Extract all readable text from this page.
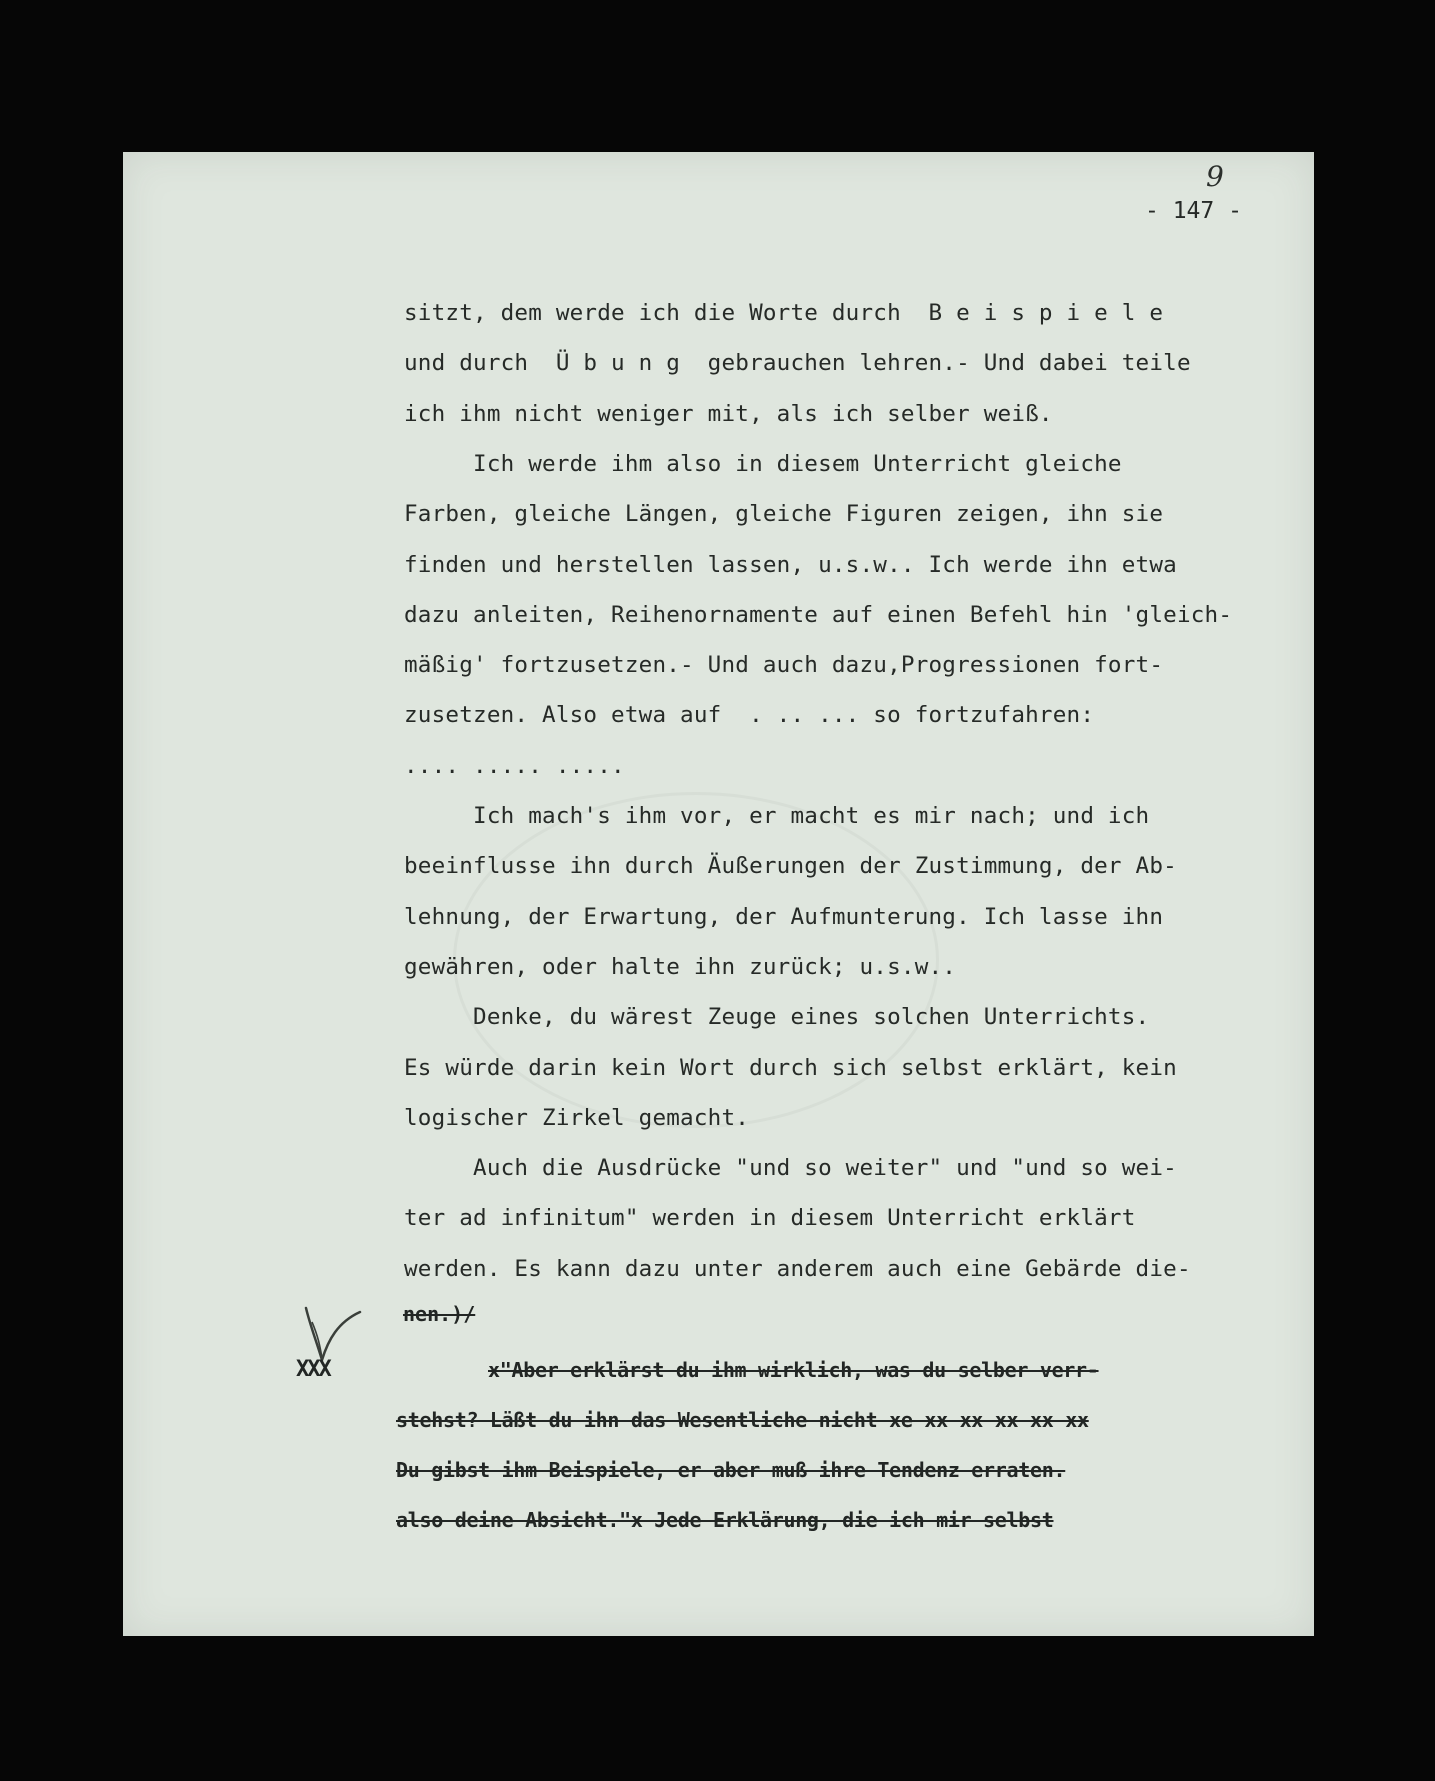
9
- 147 -
sitzt, dem werde ich die Worte durch  B e i s p i e l e
und durch  Ü b u n g  gebrauchen lehren.- Und dabei teile
ich ihm nicht weniger mit, als ich selber weiß.
Ich werde ihm also in diesem Unterricht gleiche
Farben, gleiche Längen, gleiche Figuren zeigen, ihn sie
finden und herstellen lassen, u.s.w.. Ich werde ihn etwa
dazu anleiten, Reihenornamente auf einen Befehl hin 'gleich-
mäßig' fortzusetzen.- Und auch dazu,Progressionen fort-
zusetzen. Also etwa auf  . .. ... so fortzufahren:
.... ..... .....
Ich mach's ihm vor, er macht es mir nach; und ich
beeinflusse ihn durch Äußerungen der Zustimmung, der Ab-
lehnung, der Erwartung, der Aufmunterung. Ich lasse ihn
gewähren, oder halte ihn zurück; u.s.w..
Denke, du wärest Zeuge eines solchen Unterrichts.
Es würde darin kein Wort durch sich selbst erklärt, kein
logischer Zirkel gemacht.
Auch die Ausdrücke "und so weiter" und "und so wei-
ter ad infinitum" werden in diesem Unterricht erklärt
werden. Es kann dazu unter anderem auch eine Gebärde die-
nen.)/
XXX	x"Aber erklärst du ihm wirklich, was du selber verr-
stehst? Läßt du ihn das Wesentliche nicht xe xx xx xx xx xx
Du gibst ihm Beispiele, er aber muß ihre Tendenz erraten.
also deine Absicht."x Jede Erklärung, die ich mir selbst
